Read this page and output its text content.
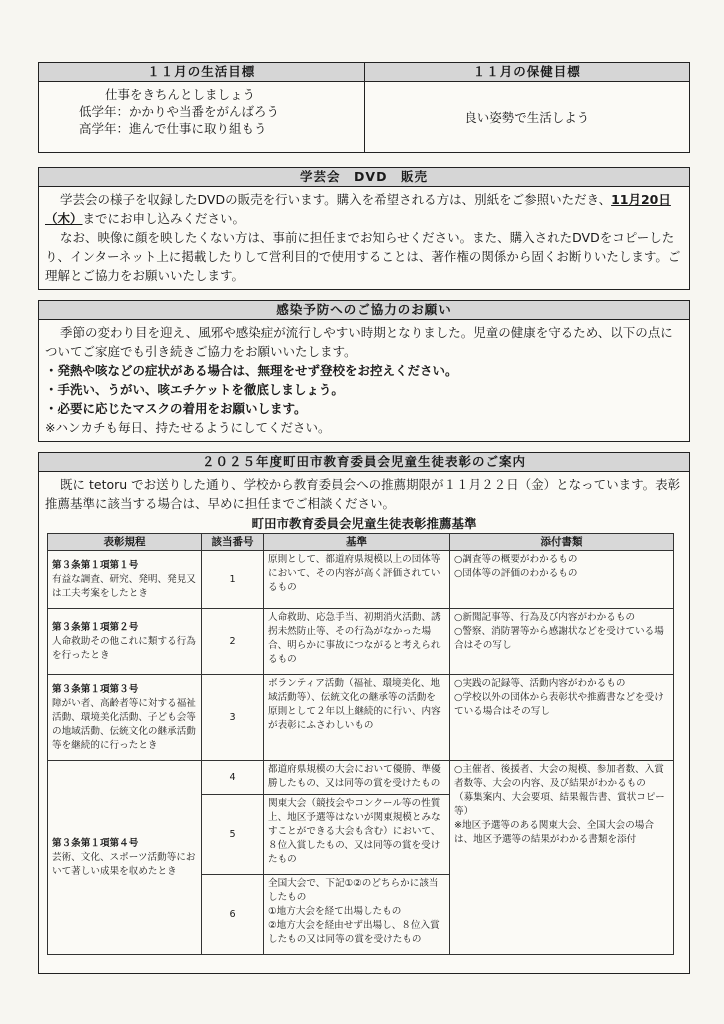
１１月の生活目標
仕事をきちんとしましょう
低学年：かかりや当番をがんばろう
高学年：進んで仕事に取り組もう
１１月の保健目標
良い姿勢で生活しよう
学芸会　DVD　販売

学芸会の様子を収録したDVDの販売を行います。購入を希望される方は、別紙をご参照いただき、11月20日（木）までにお申し込みください。

なお、映像に顔を映したくない方は、事前に担任までお知らせください。また、購入されたDVDをコピーしたり、インターネット上に掲載したりして営利目的で使用することは、著作権の関係から固くお断りいたします。ご理解とご協力をお願いいたします。

感染予防へのご協力のお願い

季節の変わり目を迎え、風邪や感染症が流行しやすい時期となりました。児童の健康を守るため、以下の点についてご家庭でも引き続きご協力をお願いいたします。

・発熱や咳などの症状がある場合は、無理をせず登校をお控えください。

・手洗い、うがい、咳エチケットを徹底しましょう。

・必要に応じたマスクの着用をお願いします。

※ハンカチも毎日、持たせるようにしてください。

２０２５年度町田市教育委員会児童生徒表彰のご案内

既に tetoru でお送りした通り、学校から教育委員会への推薦期限が１１月２２日（金）となっています。表彰推薦基準に該当する場合は、早めに担任までご相談ください。

町田市教育委員会児童生徒表彰推薦基準
表彰規程	該当番号	基準	添付書類

第３条第１項第１号
有益な調査、研究、発明、発見又は工夫考案をしたとき	1	原則として、都道府県規模以上の団体等において、その内容が高く評価されているもの	○調査等の概要がわかるもの
○団体等の評価のわかるもの

第３条第１項第２号
人命救助その他これに類する行為を行ったとき	2	人命救助、応急手当、初期消火活動、誘拐未然防止等、その行為がなかった場合、明らかに事故につながると考えられるもの	○新聞記事等、行為及び内容がわかるもの
○警察、消防署等から感謝状などを受けている場合はその写し

第３条第１項第３号
障がい者、高齢者等に対する福祉活動、環境美化活動、子ども会等の地域活動、伝統文化の継承活動等を継続的に行ったとき	3	ボランティア活動（福祉、環境美化、地域活動等）、伝統文化の継承等の活動を原則として２年以上継続的に行い、内容が表彰にふさわしいもの	○実践の記録等、活動内容がわかるもの
○学校以外の団体から表彰状や推薦書などを受けている場合はその写し

第３条第１項第４号
芸術、文化、スポーツ活動等において著しい成果を収めたとき	4	都道府県規模の大会において優勝、準優勝したもの、又は同等の賞を受けたもの	○主催者、後援者、大会の規模、参加者数、入賞者数等、大会の内容、及び結果がわかるもの
（募集案内、大会要項、結果報告書、賞状コピー等）
※地区予選等のある関東大会、全国大会の場合は、地区予選等の結果がわかる書類を添付

	5	関東大会（競技会やコンクール等の性質上、地区予選等はないが関東規模とみなすことができる大会も含む）において、８位入賞したもの、又は同等の賞を受けたもの	
	6	全国大会で、下記①②のどちらかに該当したもの
①地方大会を経て出場したもの
②地方大会を経由せず出場し、８位入賞したもの又は同等の賞を受けたもの	
